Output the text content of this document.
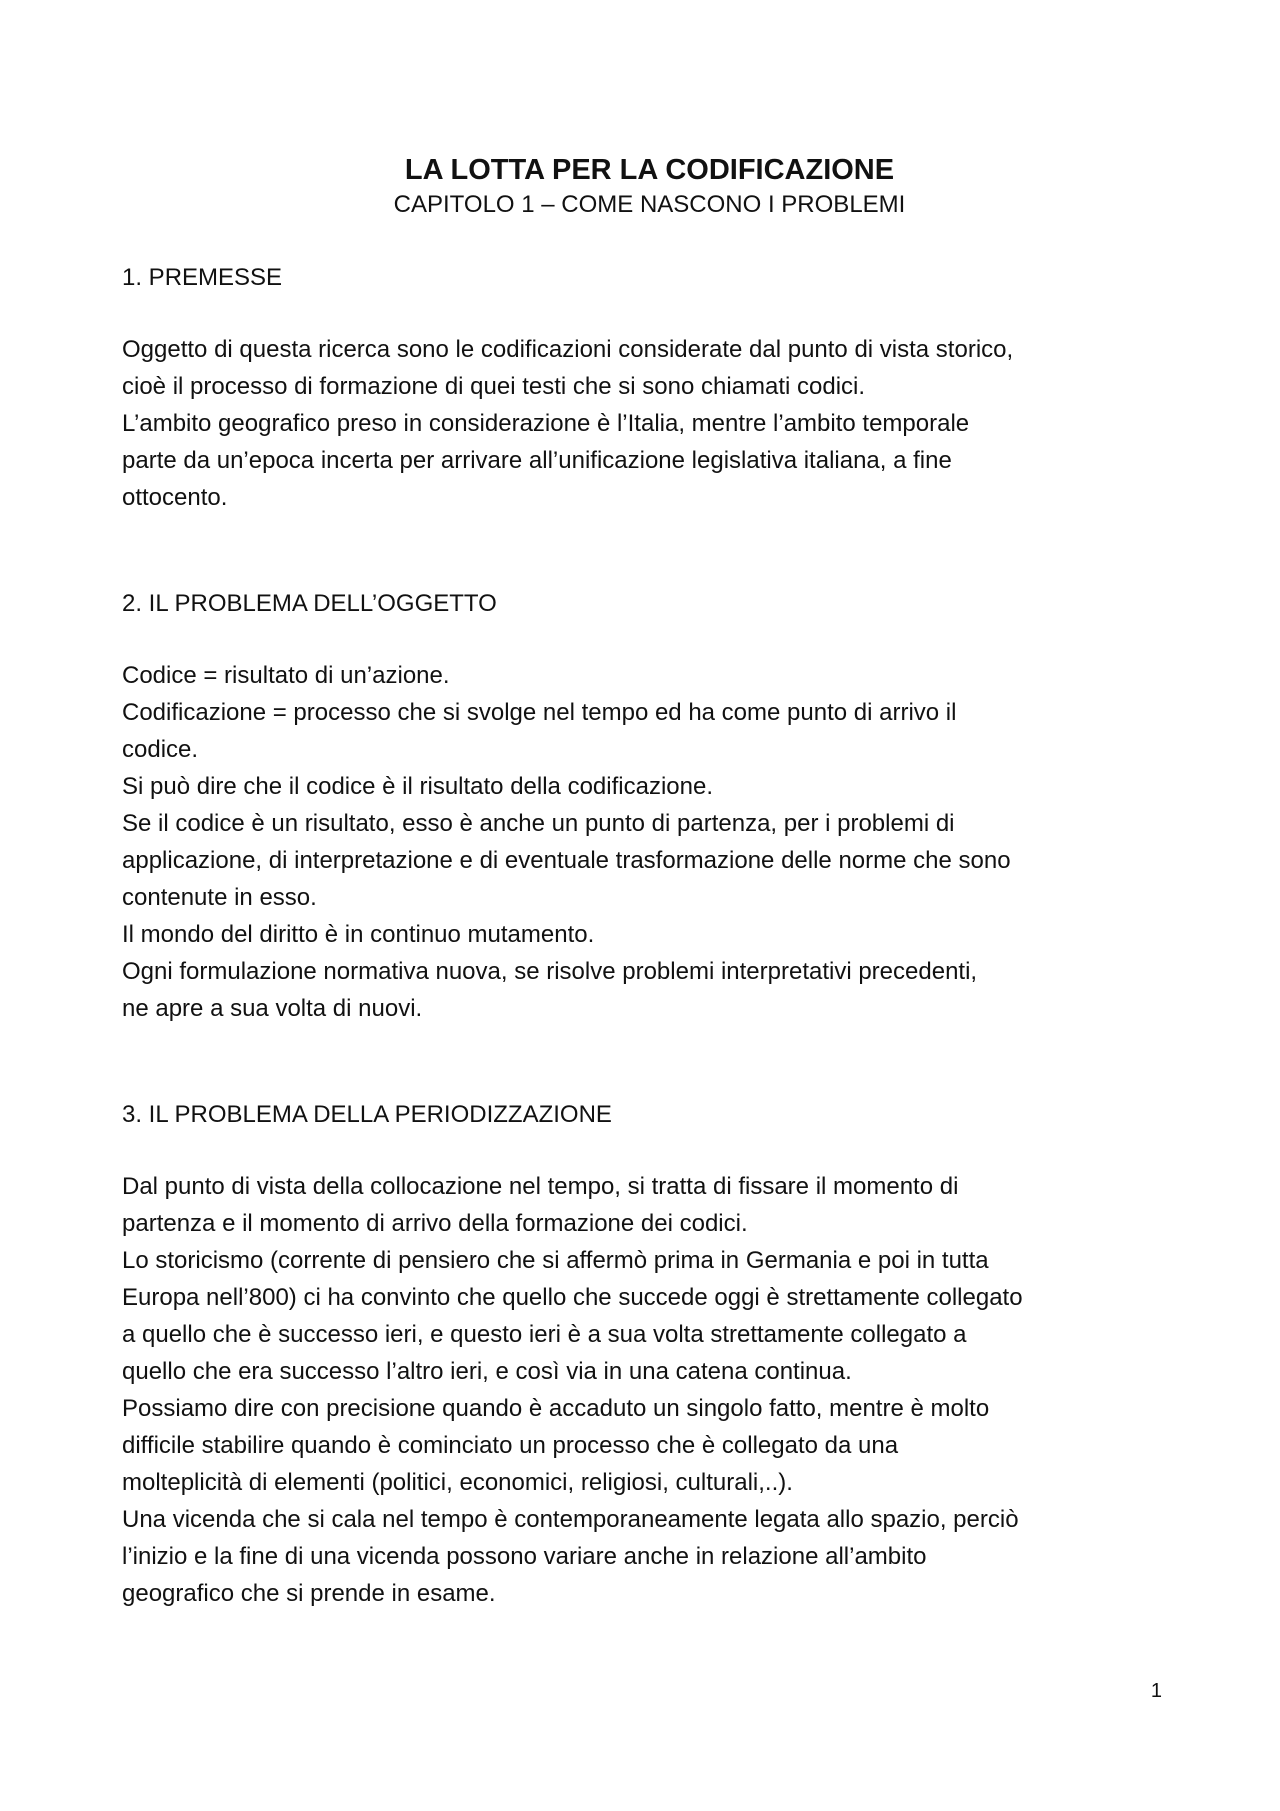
LA LOTTA PER LA CODIFICAZIONE
CAPITOLO 1 – COME NASCONO I PROBLEMI
1. PREMESSE
Oggetto di questa ricerca sono le codificazioni considerate dal punto di vista storico,
cioè il processo di formazione di quei testi che si sono chiamati codici.
L’ambito geografico preso in considerazione è l’Italia, mentre l’ambito temporale
parte da un’epoca incerta per arrivare all’unificazione legislativa italiana, a fine
ottocento.
2. IL PROBLEMA DELL’OGGETTO
Codice = risultato di un’azione.
Codificazione = processo che si svolge nel tempo ed ha come punto di arrivo il
codice.
Si può dire che il codice è il risultato della codificazione.
Se il codice è un risultato, esso è anche un punto di partenza, per i problemi di
applicazione, di interpretazione e di eventuale trasformazione delle norme che sono
contenute in esso.
Il mondo del diritto è in continuo mutamento.
Ogni formulazione normativa nuova, se risolve problemi interpretativi precedenti,
ne apre a sua volta di nuovi.
3. IL PROBLEMA DELLA PERIODIZZAZIONE
Dal punto di vista della collocazione nel tempo, si tratta di fissare il momento di
partenza e il momento di arrivo della formazione dei codici.
Lo storicismo (corrente di pensiero che si affermò prima in Germania e poi in tutta
Europa nell’800) ci ha convinto che quello che succede oggi è strettamente collegato
a quello che è successo ieri, e questo ieri è a sua volta strettamente collegato a
quello che era successo l’altro ieri, e così via in una catena continua.
Possiamo dire con precisione quando è accaduto un singolo fatto, mentre è molto
difficile stabilire quando è cominciato un processo che è collegato da una
molteplicità di elementi (politici, economici, religiosi, culturali,..).
Una vicenda che si cala nel tempo è contemporaneamente legata allo spazio, perciò
l’inizio e la fine di una vicenda possono variare anche in relazione all’ambito
geografico che si prende in esame.
1
